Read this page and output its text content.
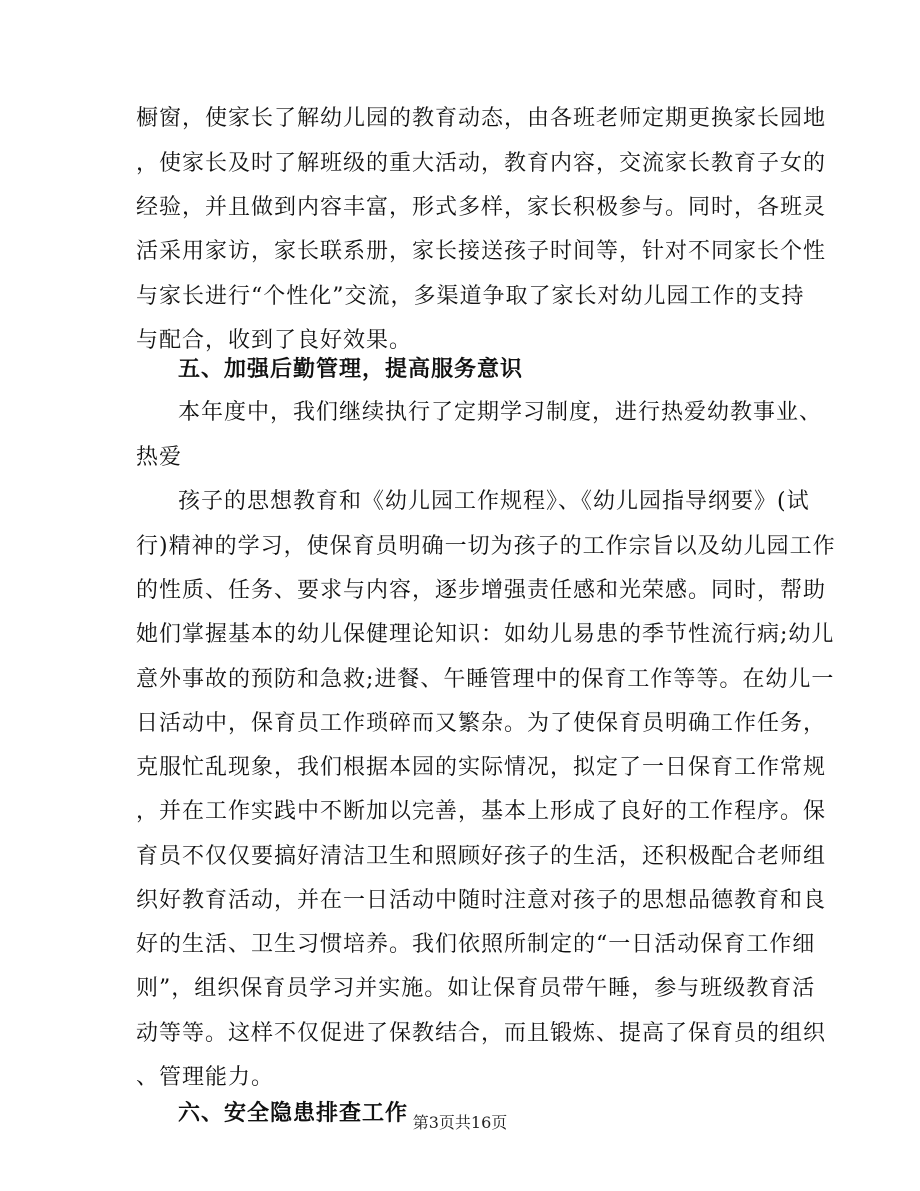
橱窗，使家长了解幼儿园的教育动态，由各班老师定期更换家长园地
，使家长及时了解班级的重大活动，教育内容，交流家长教育子女的
经验，并且做到内容丰富，形式多样，家长积极参与。同时，各班灵
活采用家访，家长联系册，家长接送孩子时间等，针对不同家长个性
与家长进行“个性化”交流，多渠道争取了家长对幼儿园工作的支持
与配合，收到了良好效果。
五、加强后勤管理，提高服务意识
本年度中，我们继续执行了定期学习制度，进行热爱幼教事业、
热爱
孩子的思想教育和《幼儿园工作规程》、《幼儿园指导纲要》(试
行)精神的学习，使保育员明确一切为孩子的工作宗旨以及幼儿园工作
的性质、任务、要求与内容，逐步增强责任感和光荣感。同时，帮助
她们掌握基本的幼儿保健理论知识：如幼儿易患的季节性流行病;幼儿
意外事故的预防和急救;进餐、午睡管理中的保育工作等等。在幼儿一
日活动中，保育员工作琐碎而又繁杂。为了使保育员明确工作任务，
克服忙乱现象，我们根据本园的实际情况，拟定了一日保育工作常规
，并在工作实践中不断加以完善，基本上形成了良好的工作程序。保
育员不仅仅要搞好清洁卫生和照顾好孩子的生活，还积极配合老师组
织好教育活动，并在一日活动中随时注意对孩子的思想品德教育和良
好的生活、卫生习惯培养。我们依照所制定的“一日活动保育工作细
则”，组织保育员学习并实施。如让保育员带午睡，参与班级教育活
动等等。这样不仅促进了保教结合，而且锻炼、提高了保育员的组织
、管理能力。
六、安全隐患排查工作 第3页共16页
